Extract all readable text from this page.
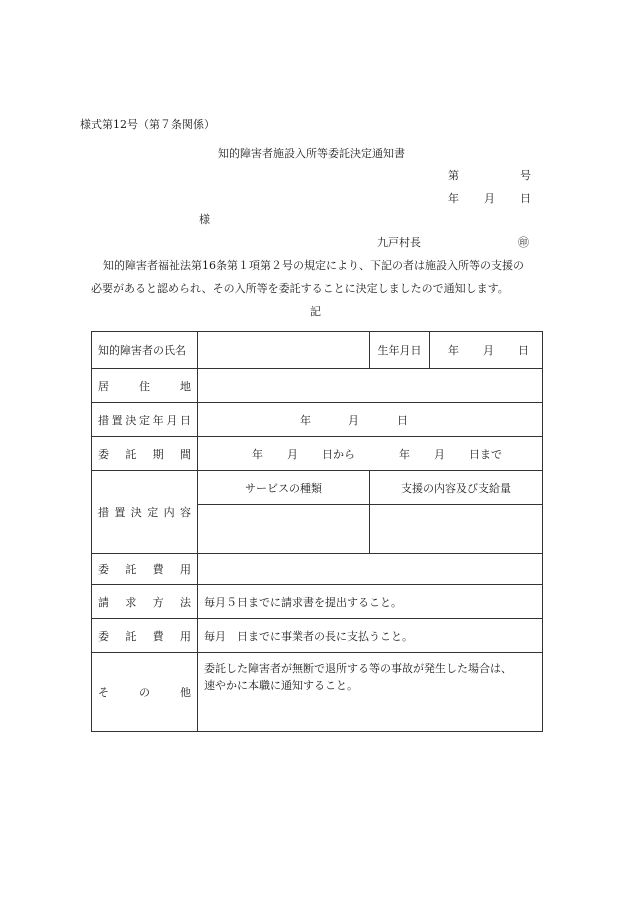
様式第12号（第７条関係）
知的障害者施設入所等委託決定通知書
第	号
年 月 日
様
九戸村長	㊞
知的障害者福祉法第16条第１項第２号の規定により、下記の者は施設入所等の支援の
必要があると認められ、その入所等を委託することに決定しましたので通知します。
記
知的障害者の氏名		生年月日	年 月 日

居住地			

措置決定年月日	年 月 日		

委託期間	年 月 日から 年 月 日まで		

措置決定内容	サービスの種類	支援の内容及び支給量	

委託費用			

請求方法	毎月５日までに請求書を提出すること。		

委託費用	毎月　日までに事業者の長に支払うこと。		

その他	委託した障害者が無断で退所する等の事故が発生した場合は、
速やかに本職に通知すること。		
